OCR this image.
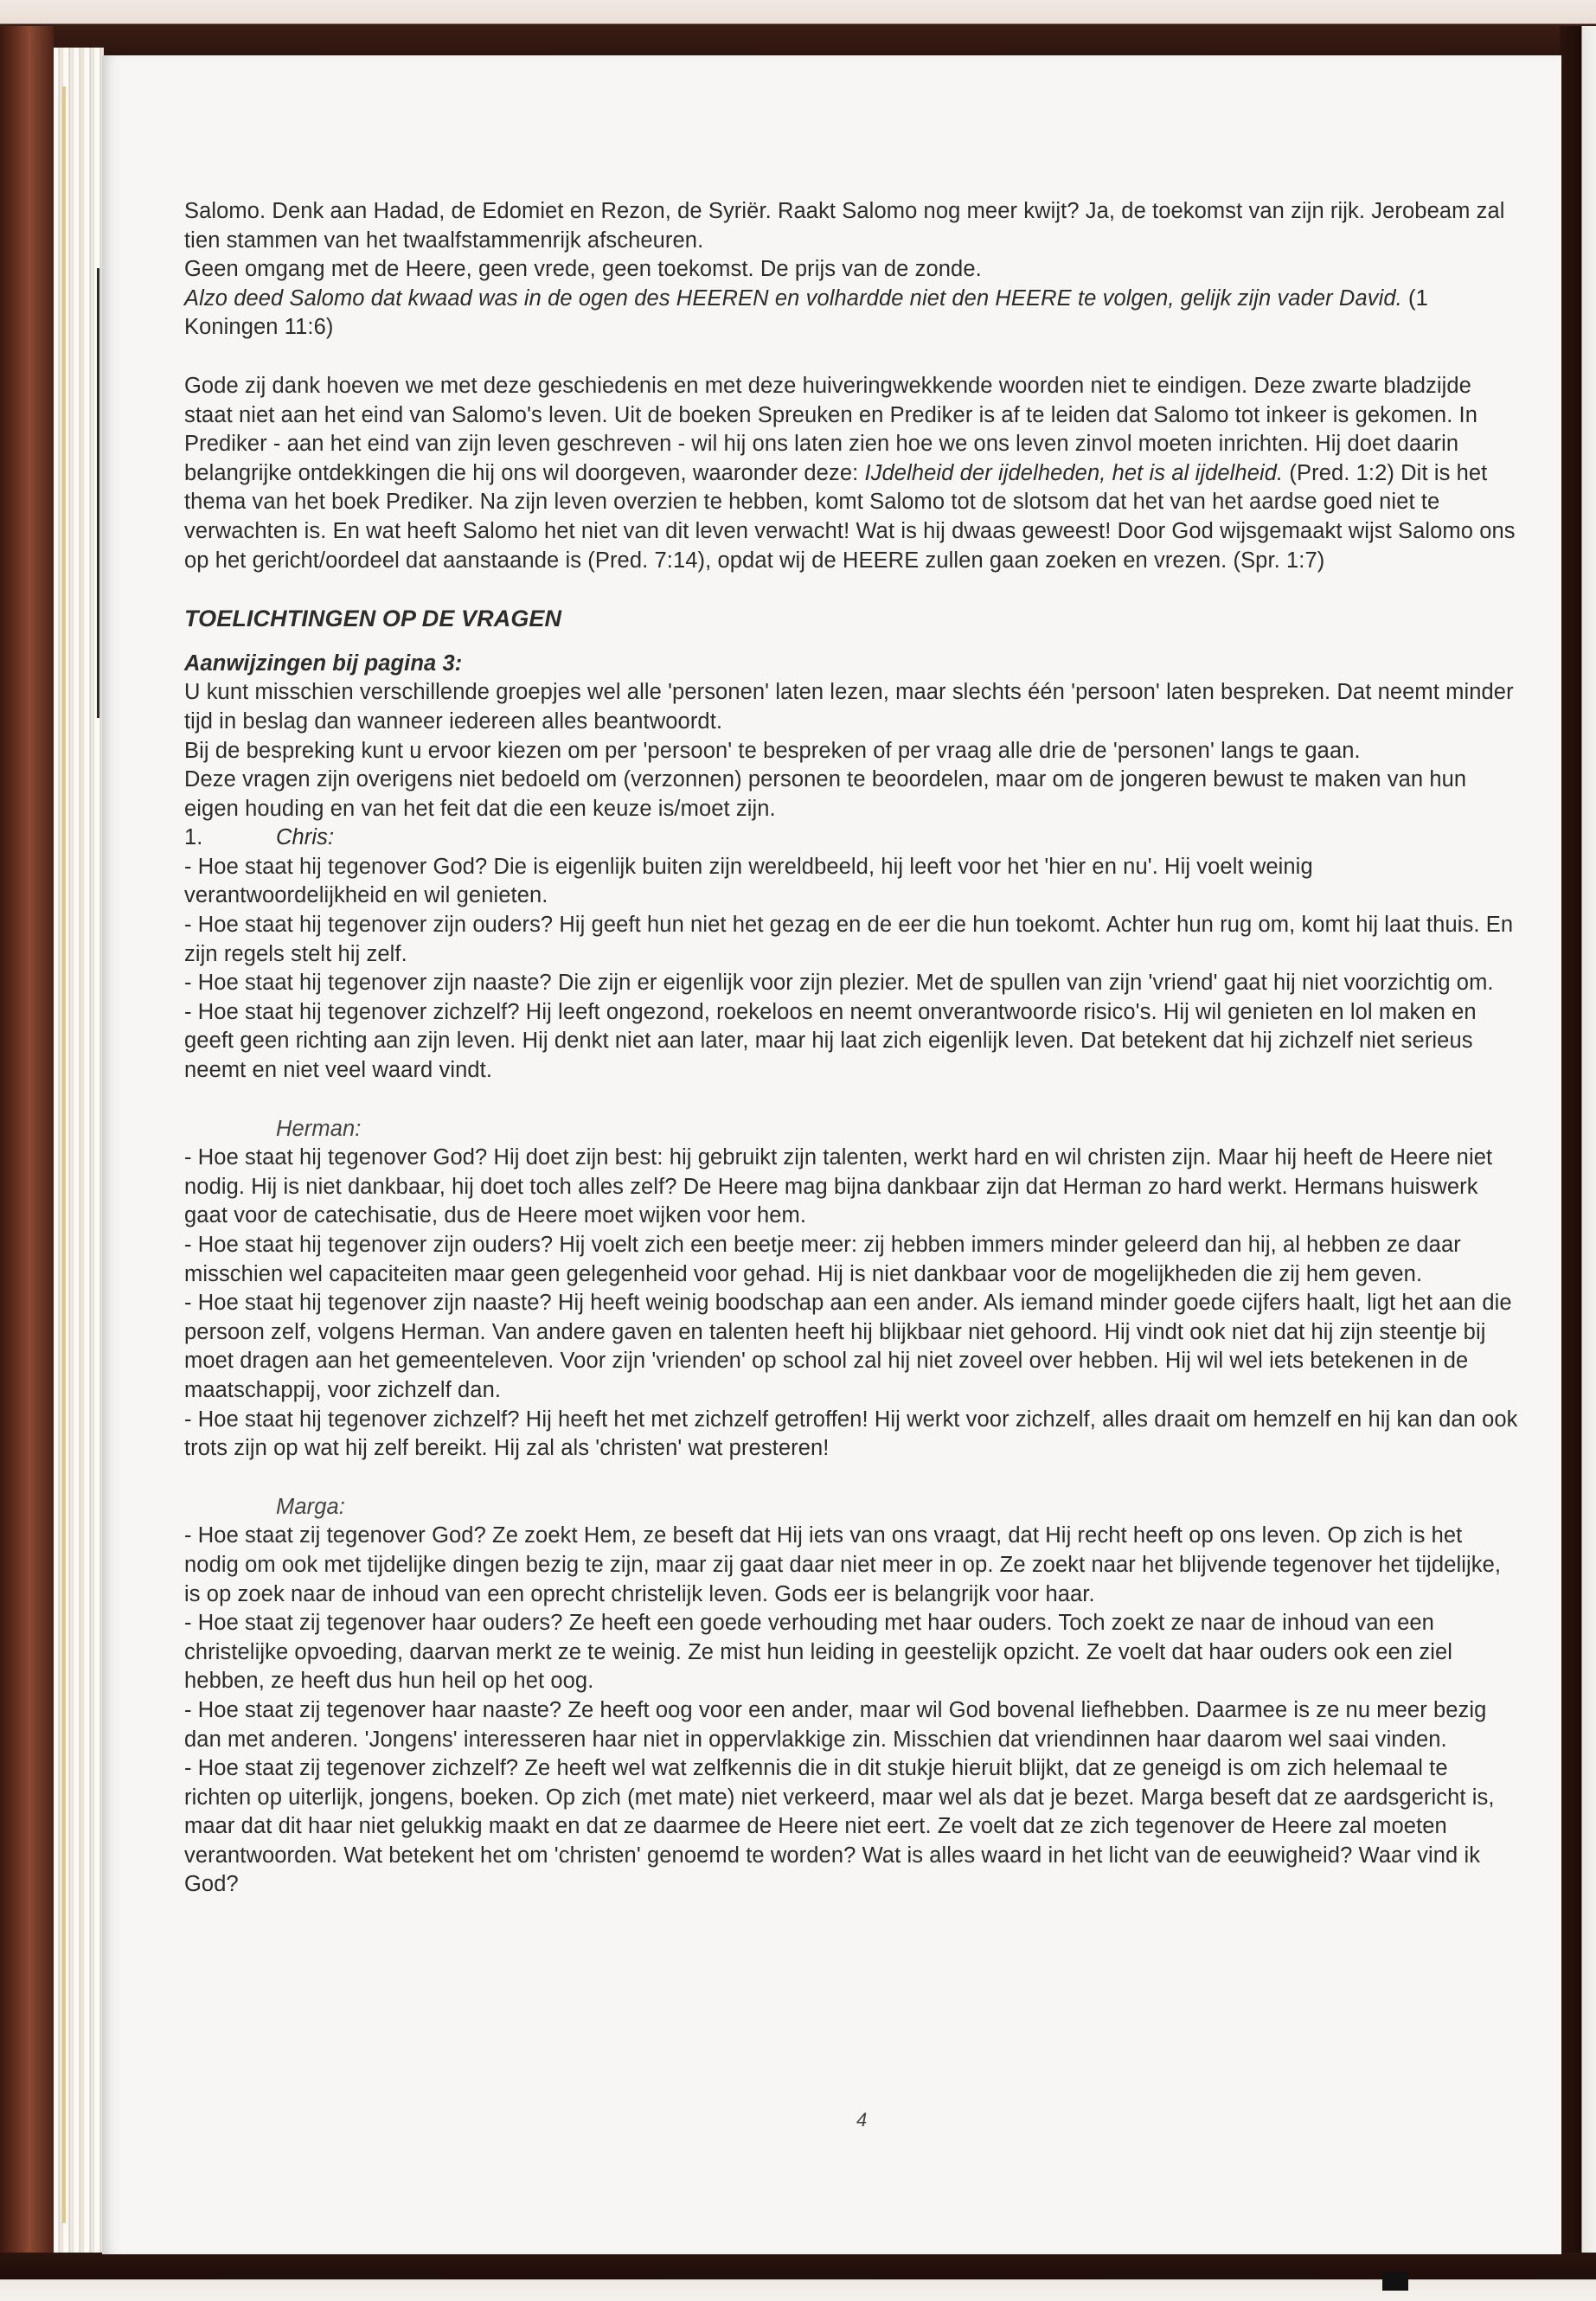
Salomo. Denk aan Hadad, de Edomiet en Rezon, de Syriër. Raakt Salomo nog meer kwijt? Ja, de toekomst van zijn rijk. Jerobeam zal tien stammen van het twaalfstammenrijk afscheuren.

Geen omgang met de Heere, geen vrede, geen toekomst. De prijs van de zonde.

Alzo deed Salomo dat kwaad was in de ogen des HEEREN en volhardde niet den HEERE te volgen, gelijk zijn vader David. (1 Koningen 11:6)

Gode zij dank hoeven we met deze geschiedenis en met deze huiveringwekkende woorden niet te eindigen. Deze zwarte bladzijde staat niet aan het eind van Salomo's leven. Uit de boeken Spreuken en Prediker is af te leiden dat Salomo tot inkeer is gekomen. In Prediker - aan het eind van zijn leven geschreven - wil hij ons laten zien hoe we ons leven zinvol moeten inrichten. Hij doet daarin belangrijke ontdekkingen die hij ons wil doorgeven, waaronder deze: IJdelheid der ijdelheden, het is al ijdelheid. (Pred. 1:2) Dit is het thema van het boek Prediker. Na zijn leven overzien te hebben, komt Salomo tot de slotsom dat het van het aardse goed niet te verwachten is. En wat heeft Salomo het niet van dit leven verwacht! Wat is hij dwaas geweest! Door God wijsgemaakt wijst Salomo ons op het gericht/oordeel dat aanstaande is (Pred. 7:14), opdat wij de HEERE zullen gaan zoeken en vrezen. (Spr. 1:7)

TOELICHTINGEN OP DE VRAGEN

Aanwijzingen bij pagina 3:

U kunt misschien verschillende groepjes wel alle 'personen' laten lezen, maar slechts één 'persoon' laten bespreken. Dat neemt minder tijd in beslag dan wanneer iedereen alles beantwoordt.

Bij de bespreking kunt u ervoor kiezen om per 'persoon' te bespreken of per vraag alle drie de 'personen' langs te gaan.

Deze vragen zijn overigens niet bedoeld om (verzonnen) personen te beoordelen, maar om de jongeren bewust te maken van hun eigen houding en van het feit dat die een keuze is/moet zijn.

1.	Chris:

- Hoe staat hij tegenover God? Die is eigenlijk buiten zijn wereldbeeld, hij leeft voor het 'hier en nu'. Hij voelt weinig verantwoordelijkheid en wil genieten.

- Hoe staat hij tegenover zijn ouders? Hij geeft hun niet het gezag en de eer die hun toekomt. Achter hun rug om, komt hij laat thuis. En zijn regels stelt hij zelf.

- Hoe staat hij tegenover zijn naaste? Die zijn er eigenlijk voor zijn plezier. Met de spullen van zijn 'vriend' gaat hij niet voorzichtig om.

- Hoe staat hij tegenover zichzelf? Hij leeft ongezond, roekeloos en neemt onverantwoorde risico's. Hij wil genieten en lol maken en geeft geen richting aan zijn leven. Hij denkt niet aan later, maar hij laat zich eigenlijk leven. Dat betekent dat hij zichzelf niet serieus neemt en niet veel waard vindt.

Herman:

- Hoe staat hij tegenover God? Hij doet zijn best: hij gebruikt zijn talenten, werkt hard en wil christen zijn. Maar hij heeft de Heere niet nodig. Hij is niet dankbaar, hij doet toch alles zelf? De Heere mag bijna dankbaar zijn dat Herman zo hard werkt. Hermans huiswerk gaat voor de catechisatie, dus de Heere moet wijken voor hem.

- Hoe staat hij tegenover zijn ouders? Hij voelt zich een beetje meer: zij hebben immers minder geleerd dan hij, al hebben ze daar misschien wel capaciteiten maar geen gelegenheid voor gehad. Hij is niet dankbaar voor de mogelijkheden die zij hem geven.

- Hoe staat hij tegenover zijn naaste? Hij heeft weinig boodschap aan een ander. Als iemand minder goede cijfers haalt, ligt het aan die persoon zelf, volgens Herman. Van andere gaven en talenten heeft hij blijkbaar niet gehoord. Hij vindt ook niet dat hij zijn steentje bij moet dragen aan het gemeenteleven. Voor zijn 'vrienden' op school zal hij niet zoveel over hebben. Hij wil wel iets betekenen in de maatschappij, voor zichzelf dan.

- Hoe staat hij tegenover zichzelf? Hij heeft het met zichzelf getroffen! Hij werkt voor zichzelf, alles draait om hemzelf en hij kan dan ook trots zijn op wat hij zelf bereikt. Hij zal als 'christen' wat presteren!

Marga:

- Hoe staat zij tegenover God? Ze zoekt Hem, ze beseft dat Hij iets van ons vraagt, dat Hij recht heeft op ons leven. Op zich is het nodig om ook met tijdelijke dingen bezig te zijn, maar zij gaat daar niet meer in op. Ze zoekt naar het blijvende tegenover het tijdelijke, is op zoek naar de inhoud van een oprecht christelijk leven. Gods eer is belangrijk voor haar.

- Hoe staat zij tegenover haar ouders? Ze heeft een goede verhouding met haar ouders. Toch zoekt ze naar de inhoud van een christelijke opvoeding, daarvan merkt ze te weinig. Ze mist hun leiding in geestelijk opzicht. Ze voelt dat haar ouders ook een ziel hebben, ze heeft dus hun heil op het oog.

- Hoe staat zij tegenover haar naaste? Ze heeft oog voor een ander, maar wil God bovenal liefhebben. Daarmee is ze nu meer bezig dan met anderen. 'Jongens' interesseren haar niet in oppervlakkige zin. Misschien dat vriendinnen haar daarom wel saai vinden.

- Hoe staat zij tegenover zichzelf? Ze heeft wel wat zelfkennis die in dit stukje hieruit blijkt, dat ze geneigd is om zich helemaal te richten op uiterlijk, jongens, boeken. Op zich (met mate) niet verkeerd, maar wel als dat je bezet. Marga beseft dat ze aardsgericht is, maar dat dit haar niet gelukkig maakt en dat ze daarmee de Heere niet eert. Ze voelt dat ze zich tegenover de Heere zal moeten verantwoorden. Wat betekent het om 'christen' genoemd te worden? Wat is alles waard in het licht van de eeuwigheid? Waar vind ik God?

4
